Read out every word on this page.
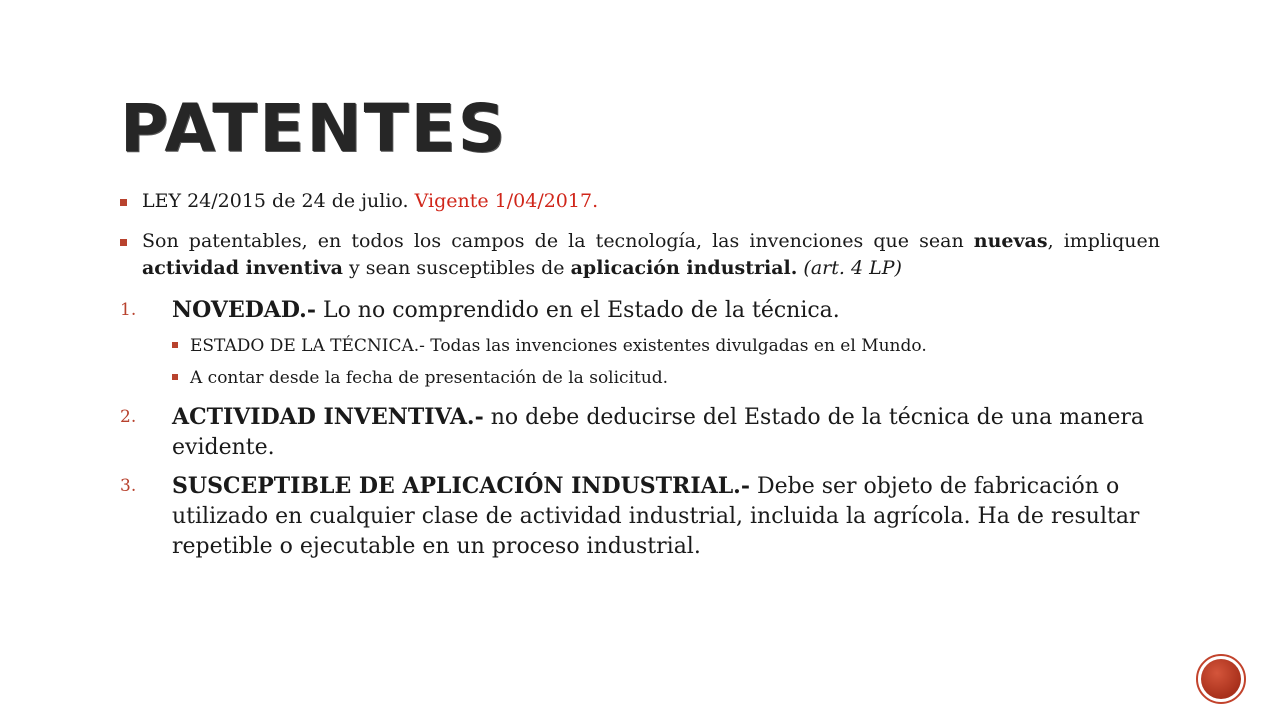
PATENTES
LEY 24/2015 de 24 de julio. Vigente 1/04/2017.
Son patentables, en todos los campos de la tecnología, las invenciones que sean nuevas, impliquen actividad inventiva y sean susceptibles de aplicación industrial. (art. 4 LP)
1. NOVEDAD.- Lo no comprendido en el Estado de la técnica.
ESTADO DE LA TÉCNICA.- Todas las invenciones existentes divulgadas en el Mundo.
A contar desde la fecha de presentación de la solicitud.
2. ACTIVIDAD INVENTIVA.- no debe deducirse del Estado de la técnica de una manera evidente.
3. SUSCEPTIBLE DE APLICACIÓN INDUSTRIAL.- Debe ser objeto de fabricación o utilizado en cualquier clase de actividad industrial, incluida la agrícola. Ha de resultar repetible o ejecutable en un proceso industrial.
